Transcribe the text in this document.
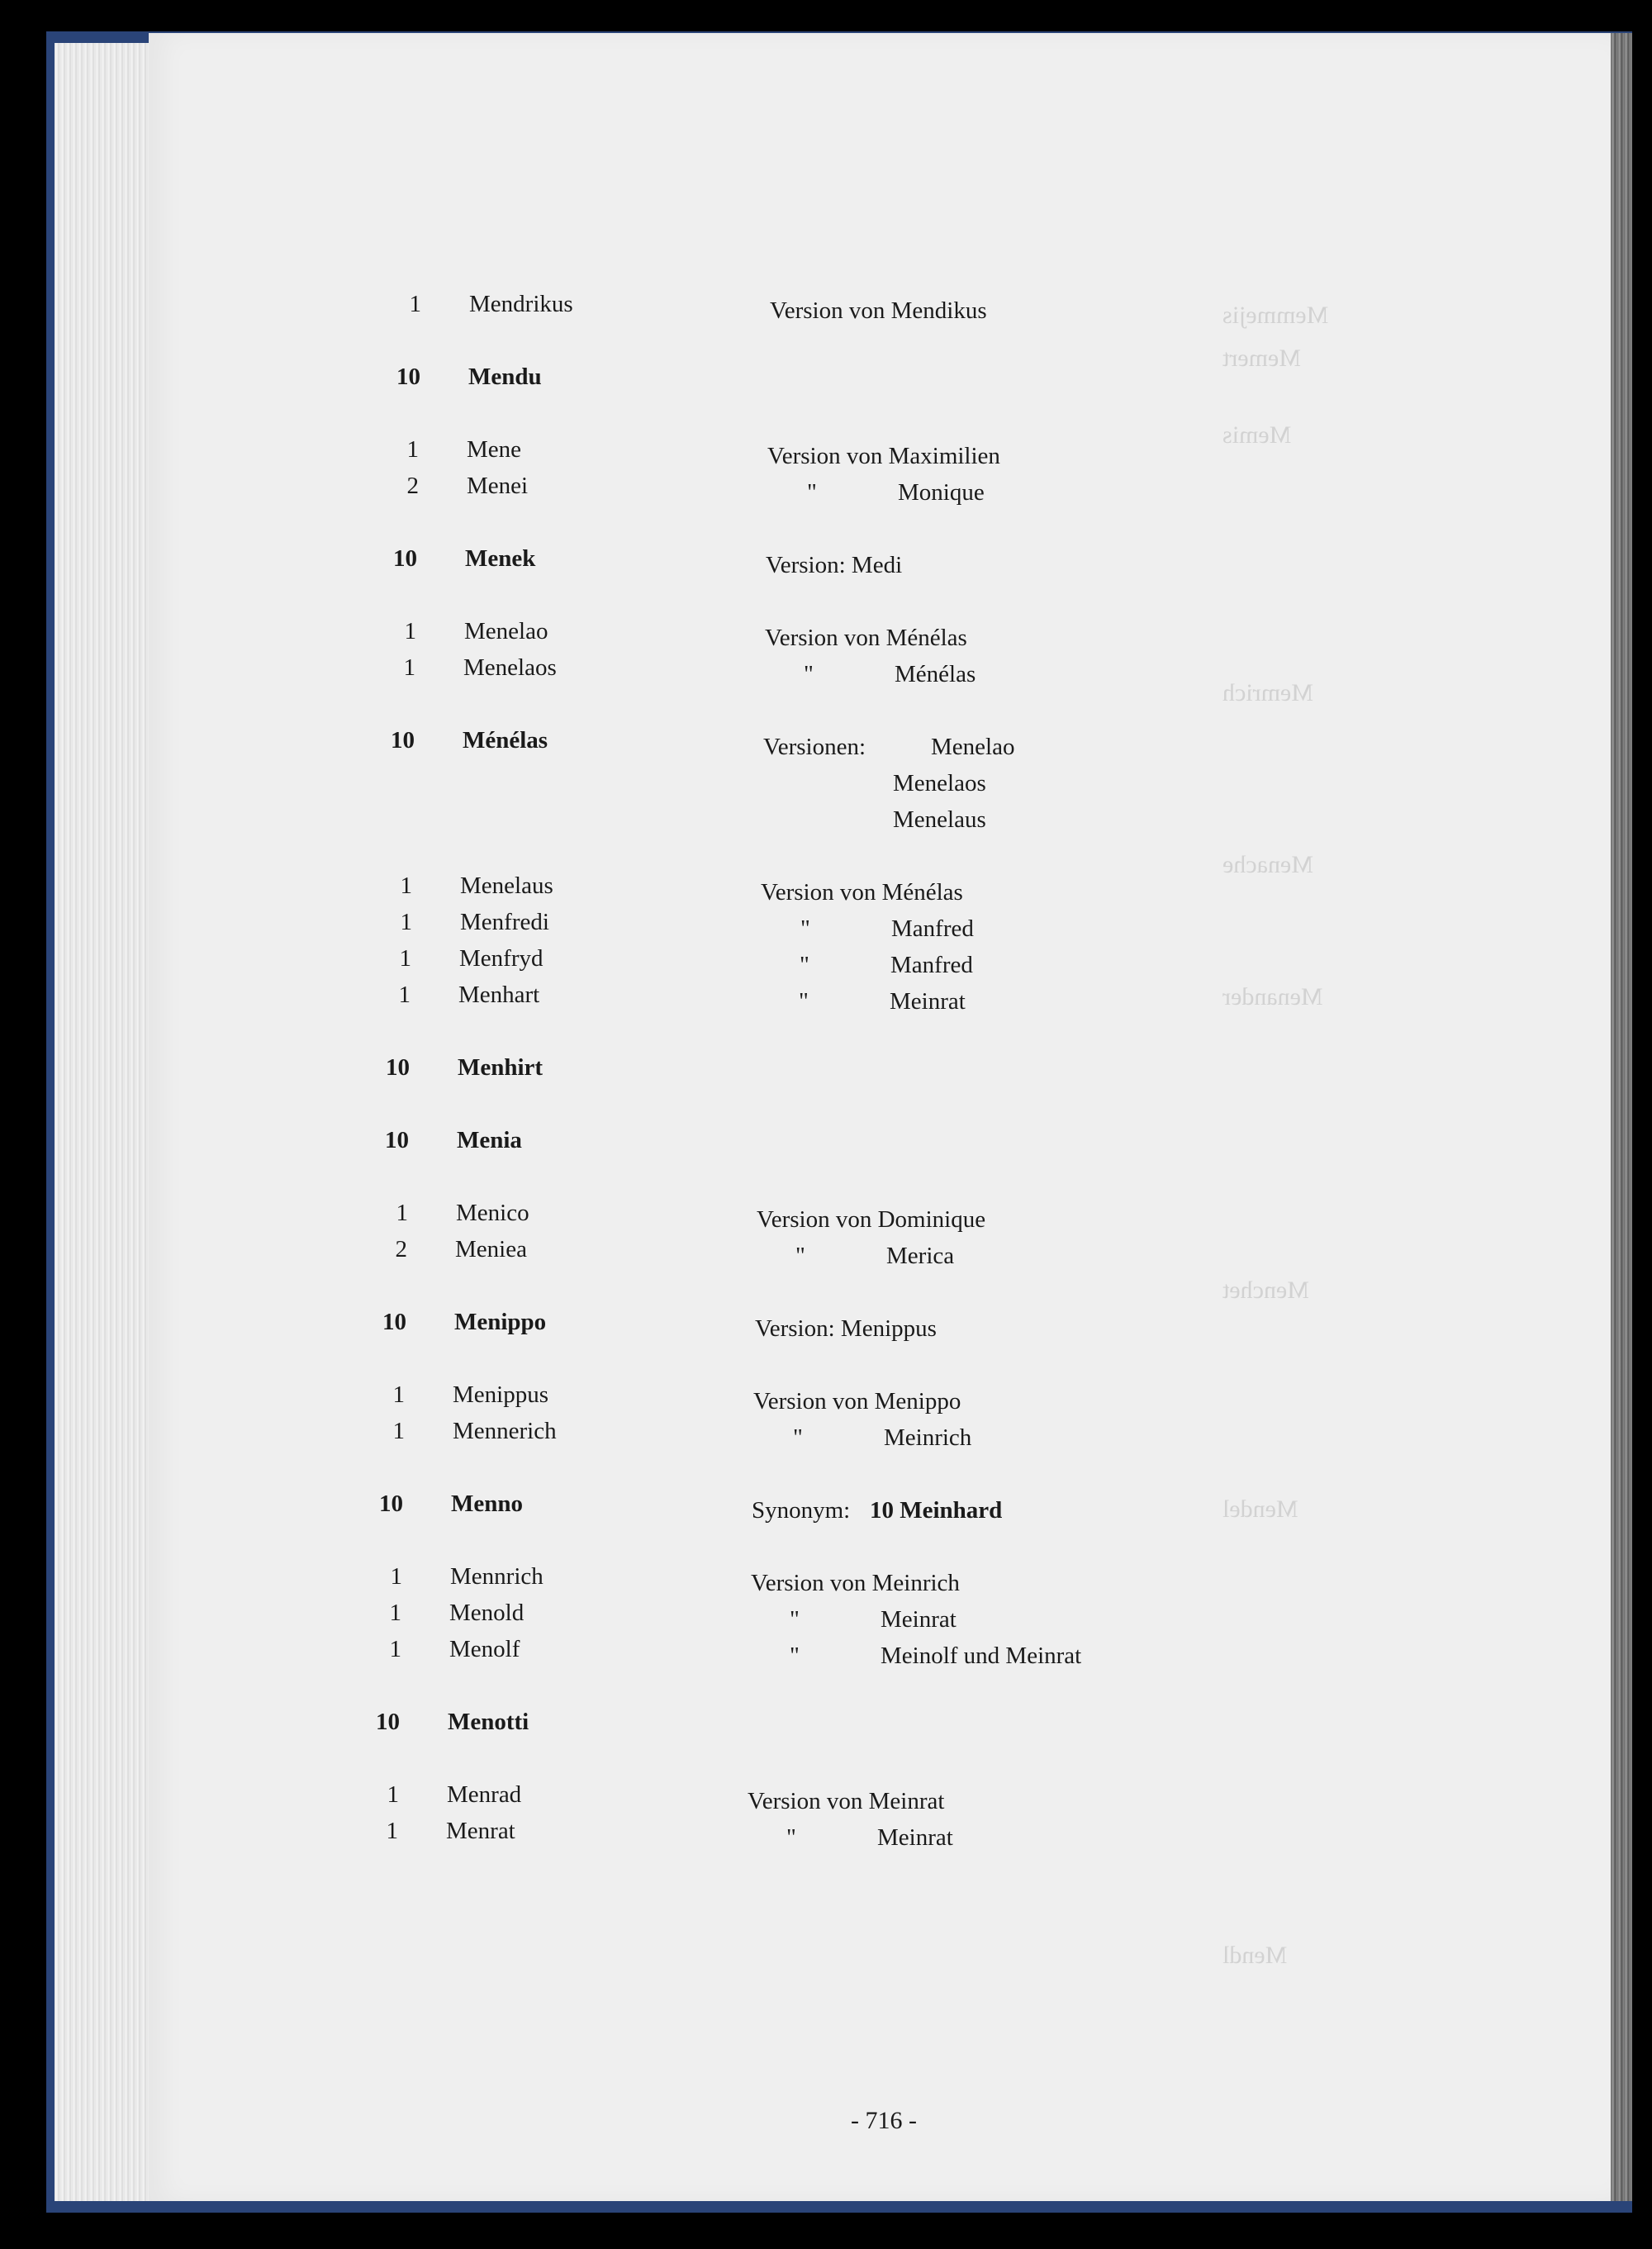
Memmejis
Memert
Memis
Memrich
Menache
Menander
Menchet
Mendel
Mendl
1 Mendrikus	Version von Mendikus
10 Mendu
1 Mene	Version von Maximilien
2 Menei	"	Monique
10 Menek	Version: Medi
1 Menelao	Version von Ménélas
1 Menelaos	"	Ménélas
10 Ménélas	Versionen:	Menelao
Menelaos
Menelaus
1 Menelaus	Version von Ménélas
1 Menfredi	"	Manfred
1 Menfryd	"	Manfred
1 Menhart	"	Meinrat
10 Menhirt
10 Menia
1 Menico	Version von Dominique
2 Meniea	"	Merica
10 Menippo	Version: Menippus
1 Menippus	Version von Menippo
1 Mennerich	"	Meinrich
10 Menno	Synonym: 10 Meinhard
1 Mennrich	Version von Meinrich
1 Menold	"	Meinrat
1 Menolf	"	Meinolf und Meinrat
10 Menotti
1 Menrad	Version von Meinrat
1 Menrat	"	Meinrat
- 716 -
